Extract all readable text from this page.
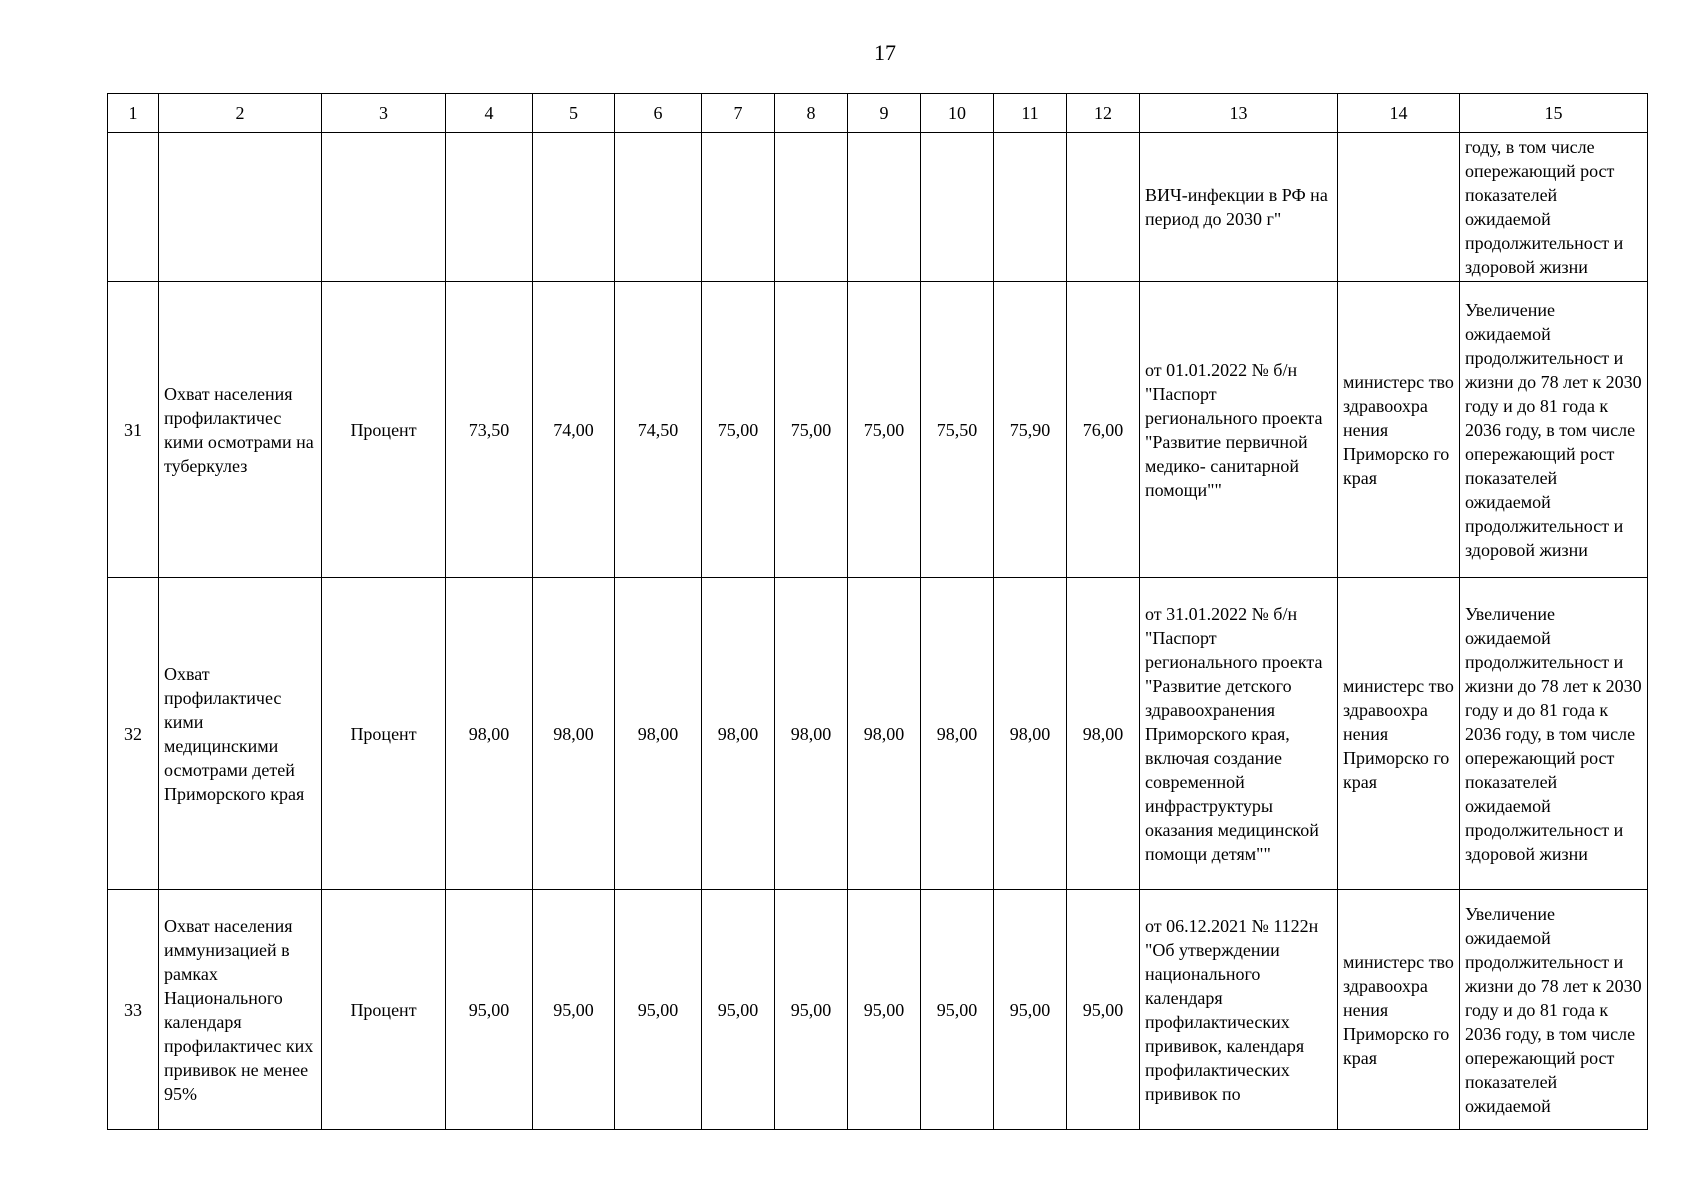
17
1	2	3	4	5	6	7	8	9	10	11	12	13	14	15
												ВИЧ-инфекции в РФ на период до 2030 г"		году, в том числе опережающий рост показателей ожидаемой продолжительност и здоровой жизни
31	Охват населения профилактичес кими осмотрами на туберкулез	Процент	73,50	74,00	74,50	75,00	75,00	75,00	75,50	75,90	76,00	от 01.01.2022 № б/н "Паспорт регионального проекта "Развитие первичной медико- санитарной помощи""	министерс тво здравоохра нения Приморско го края	Увеличение ожидаемой продолжительност и жизни до 78 лет к 2030 году и до 81 года к 2036 году, в том числе опережающий рост показателей ожидаемой продолжительност и здоровой жизни
32	Охват профилактичес кими медицинскими осмотрами детей Приморского края	Процент	98,00	98,00	98,00	98,00	98,00	98,00	98,00	98,00	98,00	от 31.01.2022 № б/н "Паспорт регионального проекта "Развитие детского здравоохранения Приморского края, включая создание современной инфраструктуры оказания медицинской помощи детям""	министерс тво здравоохра нения Приморско го края	Увеличение ожидаемой продолжительност и жизни до 78 лет к 2030 году и до 81 года к 2036 году, в том числе опережающий рост показателей ожидаемой продолжительност и здоровой жизни
33	Охват населения иммунизацией в рамках Национального календаря профилактичес ких прививок не менее 95%	Процент	95,00	95,00	95,00	95,00	95,00	95,00	95,00	95,00	95,00	от 06.12.2021 № 1122н "Об утверждении национального календаря профилактических прививок, календаря профилактических прививок по	министерс тво здравоохра нения Приморско го края	Увеличение ожидаемой продолжительност и жизни до 78 лет к 2030 году и до 81 года к 2036 году, в том числе опережающий рост показателей ожидаемой
